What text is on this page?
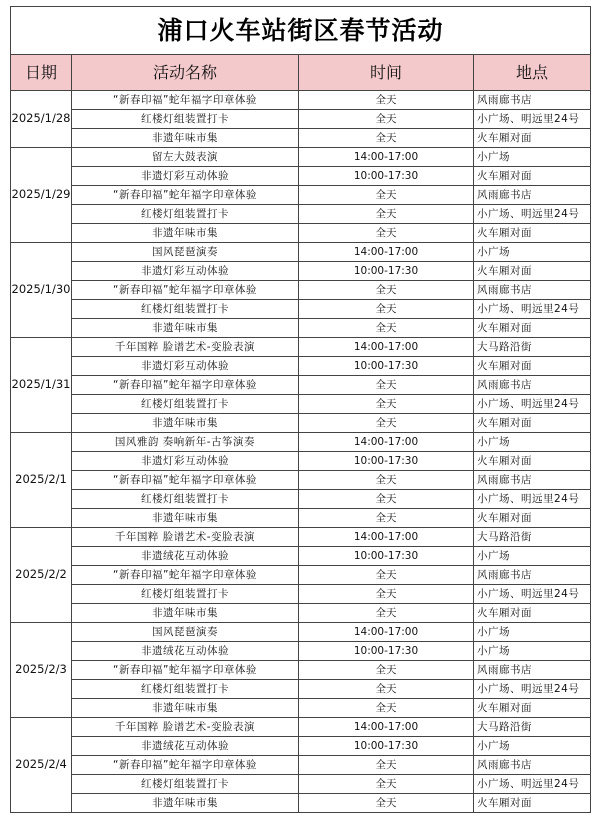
浦口火车站街区春节活动			
日期	活动名称	时间	地点
2025/1/28	“新春印福”蛇年福字印章体验	全天	风雨廊书店
	红楼灯组装置打卡	全天	小广场、明远里24号
	非遗年味市集	全天	火车厢对面
2025/1/29	留左大鼓表演	14:00-17:00	小广场
	非遗灯彩互动体验	10:00-17:30	火车厢对面
	“新春印福”蛇年福字印章体验	全天	风雨廊书店
	红楼灯组装置打卡	全天	小广场、明远里24号
	非遗年味市集	全天	火车厢对面
2025/1/30	国风琵琶演奏	14:00-17:00	小广场
	非遗灯彩互动体验	10:00-17:30	火车厢对面
	“新春印福”蛇年福字印章体验	全天	风雨廊书店
	红楼灯组装置打卡	全天	小广场、明远里24号
	非遗年味市集	全天	火车厢对面
2025/1/31	千年国粹 脸谱艺术-变脸表演	14:00-17:00	大马路沿街
	非遗灯彩互动体验	10:00-17:30	火车厢对面
	“新春印福”蛇年福字印章体验	全天	风雨廊书店
	红楼灯组装置打卡	全天	小广场、明远里24号
	非遗年味市集	全天	火车厢对面
2025/2/1	国风雅韵 奏响新年-古筝演奏	14:00-17:00	小广场
	非遗灯彩互动体验	10:00-17:30	火车厢对面
	“新春印福”蛇年福字印章体验	全天	风雨廊书店
	红楼灯组装置打卡	全天	小广场、明远里24号
	非遗年味市集	全天	火车厢对面
2025/2/2	千年国粹 脸谱艺术-变脸表演	14:00-17:00	大马路沿街
	非遗绒花互动体验	10:00-17:30	小广场
	“新春印福”蛇年福字印章体验	全天	风雨廊书店
	红楼灯组装置打卡	全天	小广场、明远里24号
	非遗年味市集	全天	火车厢对面
2025/2/3	国风琵琶演奏	14:00-17:00	小广场
	非遗绒花互动体验	10:00-17:30	小广场
	“新春印福”蛇年福字印章体验	全天	风雨廊书店
	红楼灯组装置打卡	全天	小广场、明远里24号
	非遗年味市集	全天	火车厢对面
2025/2/4	千年国粹 脸谱艺术-变脸表演	14:00-17:00	大马路沿街
	非遗绒花互动体验	10:00-17:30	小广场
	“新春印福”蛇年福字印章体验	全天	风雨廊书店
	红楼灯组装置打卡	全天	小广场、明远里24号
	非遗年味市集	全天	火车厢对面
